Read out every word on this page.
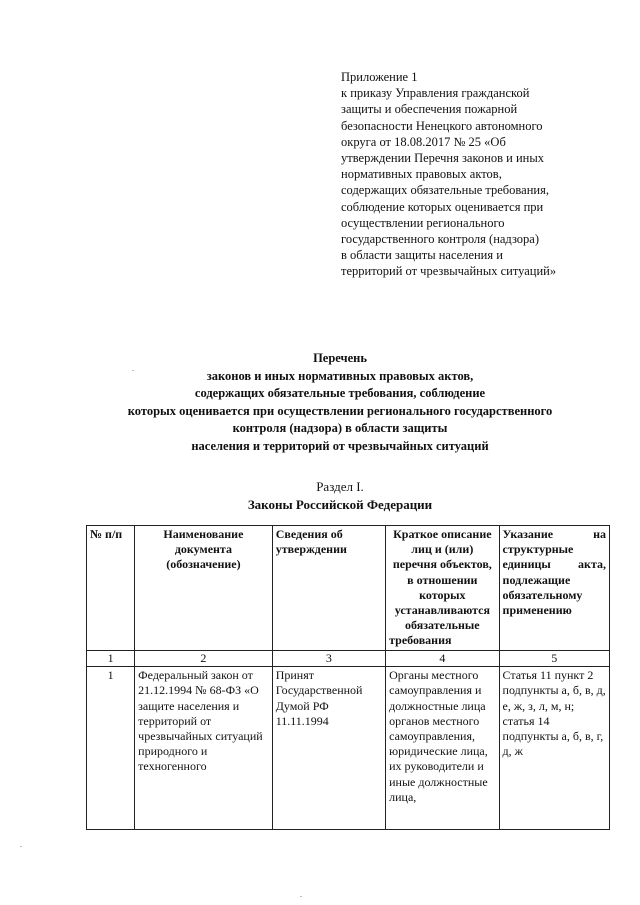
Приложение 1
к приказу Управления гражданской
защиты и обеспечения пожарной
безопасности Ненецкого автономного
округа от 18.08.2017 № 25 «Об
утверждении Перечня законов и иных
нормативных правовых актов,
содержащих обязательные требования,
соблюдение которых оценивается при
осуществлении регионального
государственного контроля (надзора)
в области защиты населения и
территорий от чрезвычайных ситуаций»
Перечень
законов и иных нормативных правовых актов,
содержащих обязательные требования, соблюдение
которых оценивается при осуществлении регионального государственного
контроля (надзора) в области защиты
населения и территорий от чрезвычайных ситуаций
Раздел I.
Законы Российской Федерации
№ п/п	Наименование документа (обозначение)	Сведения об утверждении	Краткое описание лиц и (или) перечня объектов, в отношении которых устанавливаются обязательные требования	Указание на структурные единицы акта, подлежащие обязательному применению
1	2	3	4	5
1	Федеральный закон от 21.12.1994 № 68-ФЗ «О защите населения и территорий от чрезвычайных ситуаций природного и техногенного	Принят Государственной Думой РФ 11.11.1994	Органы местного самоуправления и должностные лица органов местного самоуправления, юридические лица, их руководители и иные должностные лица,	Статья 11 пункт 2 подпункты а, б, в, д, е, ж, з, л, м, н; статья 14 подпункты а, б, в, г, д, ж
